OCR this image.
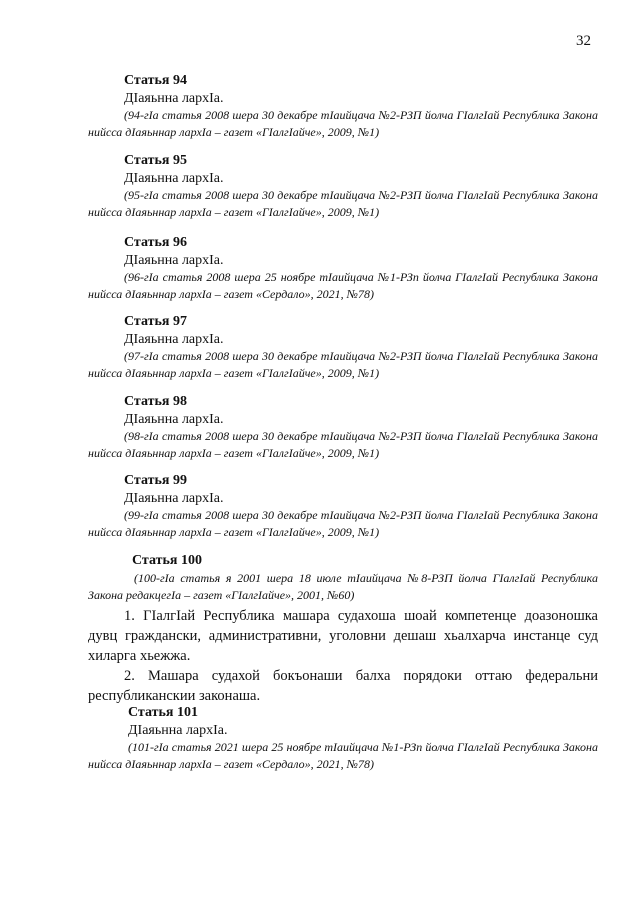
32
Статья 94
ДӀаяьнна лархӀа.
(94-гӀа статья 2008 шера 30 декабре тӀаийцача №2-РЗП йолча ГӀалгӀай Республика Закона нийсса дӀаяьннар лархӀа – газет «ГӀалгӀайче», 2009, №1)
Статья 95
ДӀаяьнна лархӀа.
(95-гӀа статья 2008 шера 30 декабре тӀаийцача №2-РЗП йолча ГӀалгӀай Республика Закона нийсса дӀаяьннар лархӀа – газет «ГӀалгӀайче», 2009, №1)
Статья 96
ДӀаяьнна лархӀа.
(96-гӀа статья 2008 шера 25 ноябре тӀаийцача №1-РЗп йолча ГӀалгӀай Республика Закона нийсса дӀаяьннар лархӀа – газет «Сердало», 2021, №78)
Статья 97
ДӀаяьнна лархӀа.
(97-гӀа статья 2008 шера 30 декабре тӀаийцача №2-РЗП йолча ГӀалгӀай Республика Закона нийсса дӀаяьннар лархӀа – газет «ГӀалгӀайче», 2009, №1)
Статья 98
ДӀаяьнна лархӀа.
(98-гӀа статья 2008 шера 30 декабре тӀаийцача №2-РЗП йолча ГӀалгӀай Республика Закона нийсса дӀаяьннар лархӀа – газет «ГӀалгӀайче», 2009, №1)
Статья 99
ДӀаяьнна лархӀа.
(99-гӀа статья 2008 шера 30 декабре тӀаийцача №2-РЗП йолча ГӀалгӀай Республика Закона нийсса дӀаяьннар лархӀа – газет «ГӀалгӀайче», 2009, №1)
Статья 100
(100-гӀа статья я 2001 шера 18 июле тӀаийцача №8-РЗП йолча ГӀалгӀай Республика Закона редакцегӀа – газет «ГӀалгӀайче», 2001, №60)
1. ГӀалгӀай Республика машара судахоша шоай компетенце доазоношка дувц граждански, административни, уголовни дешаш хьалхарча инстанце суд хиларга хьежжа.
2. Машара судахой бокъонаши балха порядоки оттаю федеральни республиканскии законаша.
Статья 101
ДӀаяьнна лархӀа.
(101-гӀа статья 2021 шера 25 ноябре тӀаийцача №1-РЗп йолча ГӀалгӀай Республика Закона нийсса дӀаяьннар лархӀа – газет «Сердало», 2021, №78)
